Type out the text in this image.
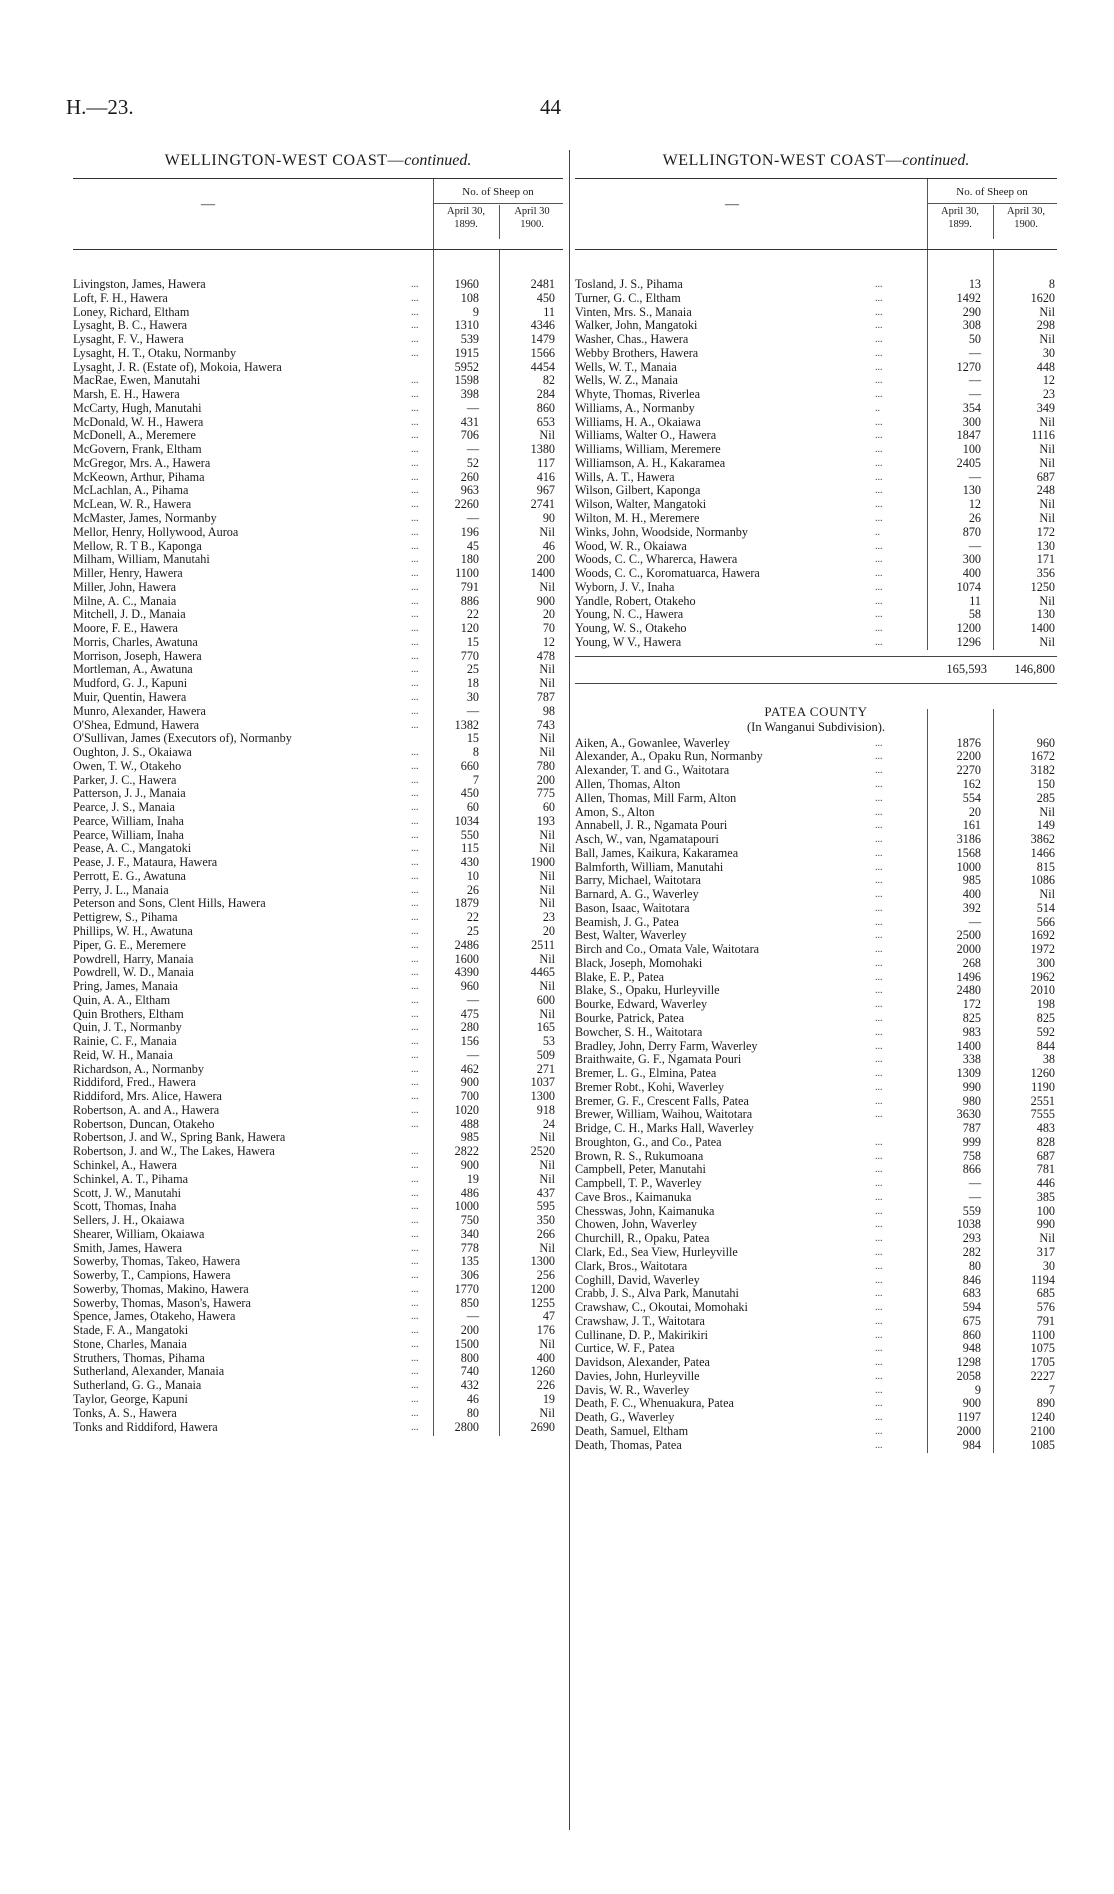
H.—23.	44
WELLINGTON-WEST COAST—continued.
—
No. of Sheep on
April 30,
1899.
April 30
1900.
Livingston, James, Hawera	...	1960	2481
Loft, F. H., Hawera	...	108	450
Loney, Richard, Eltham	...	9	11
Lysaght, B. C., Hawera	...	1310	4346
Lysaght, F. V., Hawera	...	539	1479
Lysaght, H. T., Otaku, Normanby	...	1915	1566
Lysaght, J. R. (Estate of), Mokoia, Hawera	5952	4454
MacRae, Ewen, Manutahi	...	1598	82
Marsh, E. H., Hawera	...	398	284
McCarty, Hugh, Manutahi	...	—	860
McDonald, W. H., Hawera	...	431	653
McDonell, A., Meremere	...	706	Nil
McGovern, Frank, Eltham	...	—	1380
McGregor, Mrs. A., Hawera	...	52	117
McKeown, Arthur, Pihama	...	260	416
McLachlan, A., Pihama	...	963	967
McLean, W. R., Hawera	...	2260	2741
McMaster, James, Normanby	...	—	90
Mellor, Henry, Hollywood, Auroa	...	196	Nil
Mellow, R. T B., Kaponga	...	45	46
Milham, William, Manutahi	...	180	200
Miller, Henry, Hawera	...	1100	1400
Miller, John, Hawera	...	791	Nil
Milne, A. C., Manaia	...	886	900
Mitchell, J. D., Manaia	...	22	20
Moore, F. E., Hawera	...	120	70
Morris, Charles, Awatuna	...	15	12
Morrison, Joseph, Hawera	...	770	478
Mortleman, A., Awatuna	...	25	Nil
Mudford, G. J., Kapuni	...	18	Nil
Muir, Quentin, Hawera	...	30	787
Munro, Alexander, Hawera	...	—	98
O'Shea, Edmund, Hawera	...	1382	743
O'Sullivan, James (Executors of), Normanby	15	Nil
Oughton, J. S., Okaiawa	...	8	Nil
Owen, T. W., Otakeho	...	660	780
Parker, J. C., Hawera	...	7	200
Patterson, J. J., Manaia	...	450	775
Pearce, J. S., Manaia	...	60	60
Pearce, William, Inaha	...	1034	193
Pearce, William, Inaha	...	550	Nil
Pease, A. C., Mangatoki	...	115	Nil
Pease, J. F., Mataura, Hawera	...	430	1900
Perrott, E. G., Awatuna	...	10	Nil
Perry, J. L., Manaia	...	26	Nil
Peterson and Sons, Clent Hills, Hawera	...	1879	Nil
Pettigrew, S., Pihama	...	22	23
Phillips, W. H., Awatuna	...	25	20
Piper, G. E., Meremere	...	2486	2511
Powdrell, Harry, Manaia	...	1600	Nil
Powdrell, W. D., Manaia	...	4390	4465
Pring, James, Manaia	...	960	Nil
Quin, A. A., Eltham	...	—	600
Quin Brothers, Eltham	...	475	Nil
Quin, J. T., Normanby	...	280	165
Rainie, C. F., Manaia	...	156	53
Reid, W. H., Manaia	...	—	509
Richardson, A., Normanby	...	462	271
Riddiford, Fred., Hawera	...	900	1037
Riddiford, Mrs. Alice, Hawera	...	700	1300
Robertson, A. and A., Hawera	...	1020	918
Robertson, Duncan, Otakeho	...	488	24
Robertson, J. and W., Spring Bank, Hawera	985	Nil
Robertson, J. and W., The Lakes, Hawera	...	2822	2520
Schinkel, A., Hawera	...	900	Nil
Schinkel, A. T., Pihama	...	19	Nil
Scott, J. W., Manutahi	...	486	437
Scott, Thomas, Inaha	...	1000	595
Sellers, J. H., Okaiawa	...	750	350
Shearer, William, Okaiawa	...	340	266
Smith, James, Hawera	...	778	Nil
Sowerby, Thomas, Takeo, Hawera	...	135	1300
Sowerby, T., Campions, Hawera	...	306	256
Sowerby, Thomas, Makino, Hawera	...	1770	1200
Sowerby, Thomas, Mason's, Hawera	...	850	1255
Spence, James, Otakeho, Hawera	...	—	47
Stade, F. A., Mangatoki	...	200	176
Stone, Charles, Manaia	...	1500	Nil
Struthers, Thomas, Pihama	...	800	400
Sutherland, Alexander, Manaia	...	740	1260
Sutherland, G. G., Manaia	...	432	226
Taylor, George, Kapuni	...	46	19
Tonks, A. S., Hawera	...	80	Nil
Tonks and Riddiford, Hawera	...	2800	2690
WELLINGTON-WEST COAST—continued.
—
No. of Sheep on
April 30,
1899.
April 30,
1900.
Tosland, J. S., Pihama	...	13	8
Turner, G. C., Eltham	...	1492	1620
Vinten, Mrs. S., Manaia	...	290	Nil
Walker, John, Mangatoki	...	308	298
Washer, Chas., Hawera	...	50	Nil
Webby Brothers, Hawera	...	—	30
Wells, W. T., Manaia	...	1270	448
Wells, W. Z., Manaia	...	—	12
Whyte, Thomas, Riverlea	...	—	23
Williams, A., Normanby	..	354	349
Williams, H. A., Okaiawa	...	300	Nil
Williams, Walter O., Hawera	...	1847	1116
Williams, William, Meremere	...	100	Nil
Williamson, A. H., Kakaramea	...	2405	Nil
Wills, A. T., Hawera	...	—	687
Wilson, Gilbert, Kaponga	...	130	248
Wilson, Walter, Mangatoki	...	12	Nil
Wilton, M. H., Meremere	...	26	Nil
Winks, John, Woodside, Normanby	..	870	172
Wood, W. R., Okaiawa	...	—	130
Woods, C. C., Wharerca, Hawera	...	300	171
Woods, C. C., Koromatuarca, Hawera	...	400	356
Wyborn, J. V., Inaha	...	1074	1250
Yandle, Robert, Otakeho	...	11	Nil
Young, N. C., Hawera	...	58	130
Young, W. S., Otakeho	...	1200	1400
Young, W V., Hawera	...	1296	Nil
165,593	146,800
PATEA COUNTY
(In Wanganui Subdivision).
Aiken, A., Gowanlee, Waverley	...	1876	960
Alexander, A., Opaku Run, Normanby	...	2200	1672
Alexander, T. and G., Waitotara	...	2270	3182
Allen, Thomas, Alton	...	162	150
Allen, Thomas, Mill Farm, Alton	...	554	285
Amon, S., Alton	...	20	Nil
Annabell, J. R., Ngamata Pouri	...	161	149
Asch, W., van, Ngamatapouri	...	3186	3862
Ball, James, Kaikura, Kakaramea	...	1568	1466
Balmforth, William, Manutahi	...	1000	815
Barry, Michael, Waitotara	...	985	1086
Barnard, A. G., Waverley	...	400	Nil
Bason, Isaac, Waitotara	...	392	514
Beamish, J. G., Patea	...	—	566
Best, Walter, Waverley	...	2500	1692
Birch and Co., Omata Vale, Waitotara	...	2000	1972
Black, Joseph, Momohaki	...	268	300
Blake, E. P., Patea	...	1496	1962
Blake, S., Opaku, Hurleyville	...	2480	2010
Bourke, Edward, Waverley	...	172	198
Bourke, Patrick, Patea	...	825	825
Bowcher, S. H., Waitotara	...	983	592
Bradley, John, Derry Farm, Waverley	...	1400	844
Braithwaite, G. F., Ngamata Pouri	...	338	38
Bremer, L. G., Elmina, Patea	...	1309	1260
Bremer Robt., Kohi, Waverley	...	990	1190
Bremer, G. F., Crescent Falls, Patea	...	980	2551
Brewer, William, Waihou, Waitotara	...	3630	7555
Bridge, C. H., Marks Hall, Waverley	787	483
Broughton, G., and Co., Patea	...	999	828
Brown, R. S., Rukumoana	...	758	687
Campbell, Peter, Manutahi	...	866	781
Campbell, T. P., Waverley	...	—	446
Cave Bros., Kaimanuka	...	—	385
Chesswas, John, Kaimanuka	...	559	100
Chowen, John, Waverley	...	1038	990
Churchill, R., Opaku, Patea	...	293	Nil
Clark, Ed., Sea View, Hurleyville	...	282	317
Clark, Bros., Waitotara	...	80	30
Coghill, David, Waverley	...	846	1194
Crabb, J. S., Alva Park, Manutahi	...	683	685
Crawshaw, C., Okoutai, Momohaki	...	594	576
Crawshaw, J. T., Waitotara	...	675	791
Cullinane, D. P., Makirikiri	...	860	1100
Curtice, W. F., Patea	...	948	1075
Davidson, Alexander, Patea	...	1298	1705
Davies, John, Hurleyville	...	2058	2227
Davis, W. R., Waverley	...	9	7
Death, F. C., Whenuakura, Patea	...	900	890
Death, G., Waverley	...	1197	1240
Death, Samuel, Eltham	...	2000	2100
Death, Thomas, Patea	...	984	1085
